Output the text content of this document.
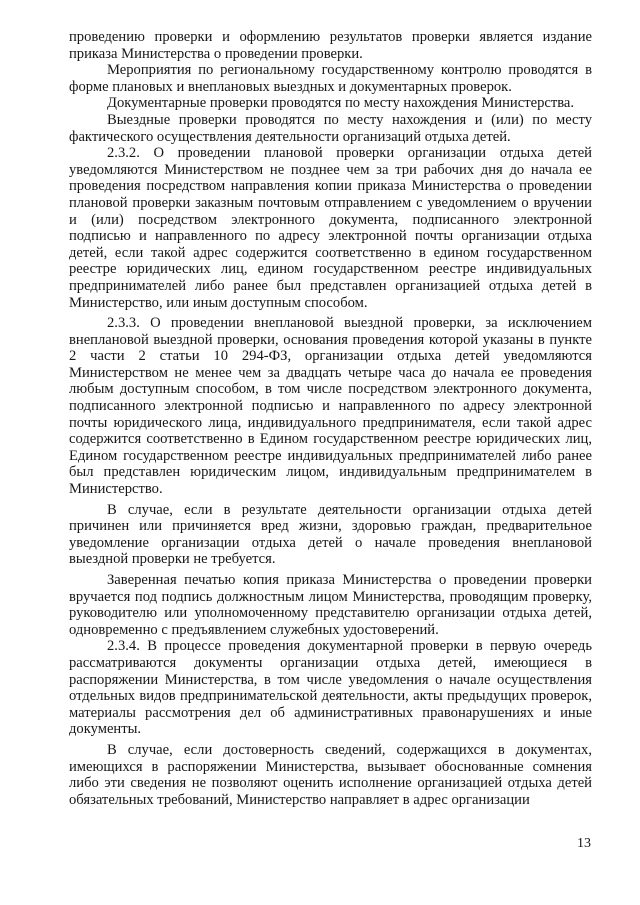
проведению проверки и оформлению результатов проверки является издание приказа Министерства о проведении проверки.

Мероприятия по региональному государственному контролю проводятся в форме плановых и внеплановых выездных и документарных проверок.

Документарные проверки проводятся по месту нахождения Министерства.

Выездные проверки проводятся по месту нахождения и (или) по месту фактического осуществления деятельности организаций отдыха детей.

2.3.2. О проведении плановой проверки организации отдыха детей уведомляются Министерством не позднее чем за три рабочих дня до начала ее проведения посредством направления копии приказа Министерства о проведении плановой проверки заказным почтовым отправлением с уведомлением о вручении и (или) посредством электронного документа, подписанного электронной подписью и направленного по адресу электронной почты организации отдыха детей, если такой адрес содержится соответственно в едином государственном реестре юридических лиц, едином государственном реестре индивидуальных предпринимателей либо ранее был представлен организацией отдыха детей в Министерство, или иным доступным способом.

2.3.3. О проведении внеплановой выездной проверки, за исключением внеплановой выездной проверки, основания проведения которой указаны в пункте 2 части 2 статьи 10 294-ФЗ, организации отдыха детей уведомляются Министерством не менее чем за двадцать четыре часа до начала ее проведения любым доступным способом, в том числе посредством электронного документа, подписанного электронной подписью и направленного по адресу электронной почты юридического лица, индивидуального предпринимателя, если такой адрес содержится соответственно в Едином государственном реестре юридических лиц, Едином государственном реестре индивидуальных предпринимателей либо ранее был представлен юридическим лицом, индивидуальным предпринимателем в Министерство.

В случае, если в результате деятельности организации отдыха детей причинен или причиняется вред жизни, здоровью граждан, предварительное уведомление организации отдыха детей о начале проведения внеплановой выездной проверки не требуется.

Заверенная печатью копия приказа Министерства о проведении проверки вручается под подпись должностным лицом Министерства, проводящим проверку, руководителю или уполномоченному представителю организации отдыха детей, одновременно с предъявлением служебных удостоверений.

2.3.4. В процессе проведения документарной проверки в первую очередь рассматриваются документы организации отдыха детей, имеющиеся в распоряжении Министерства, в том числе уведомления о начале осуществления отдельных видов предпринимательской деятельности, акты предыдущих проверок, материалы рассмотрения дел об административных правонарушениях и иные документы.

В случае, если достоверность сведений, содержащихся в документах, имеющихся в распоряжении Министерства, вызывает обоснованные сомнения либо эти сведения не позволяют оценить исполнение организацией отдыха детей обязательных требований, Министерство направляет в адрес организации

13
